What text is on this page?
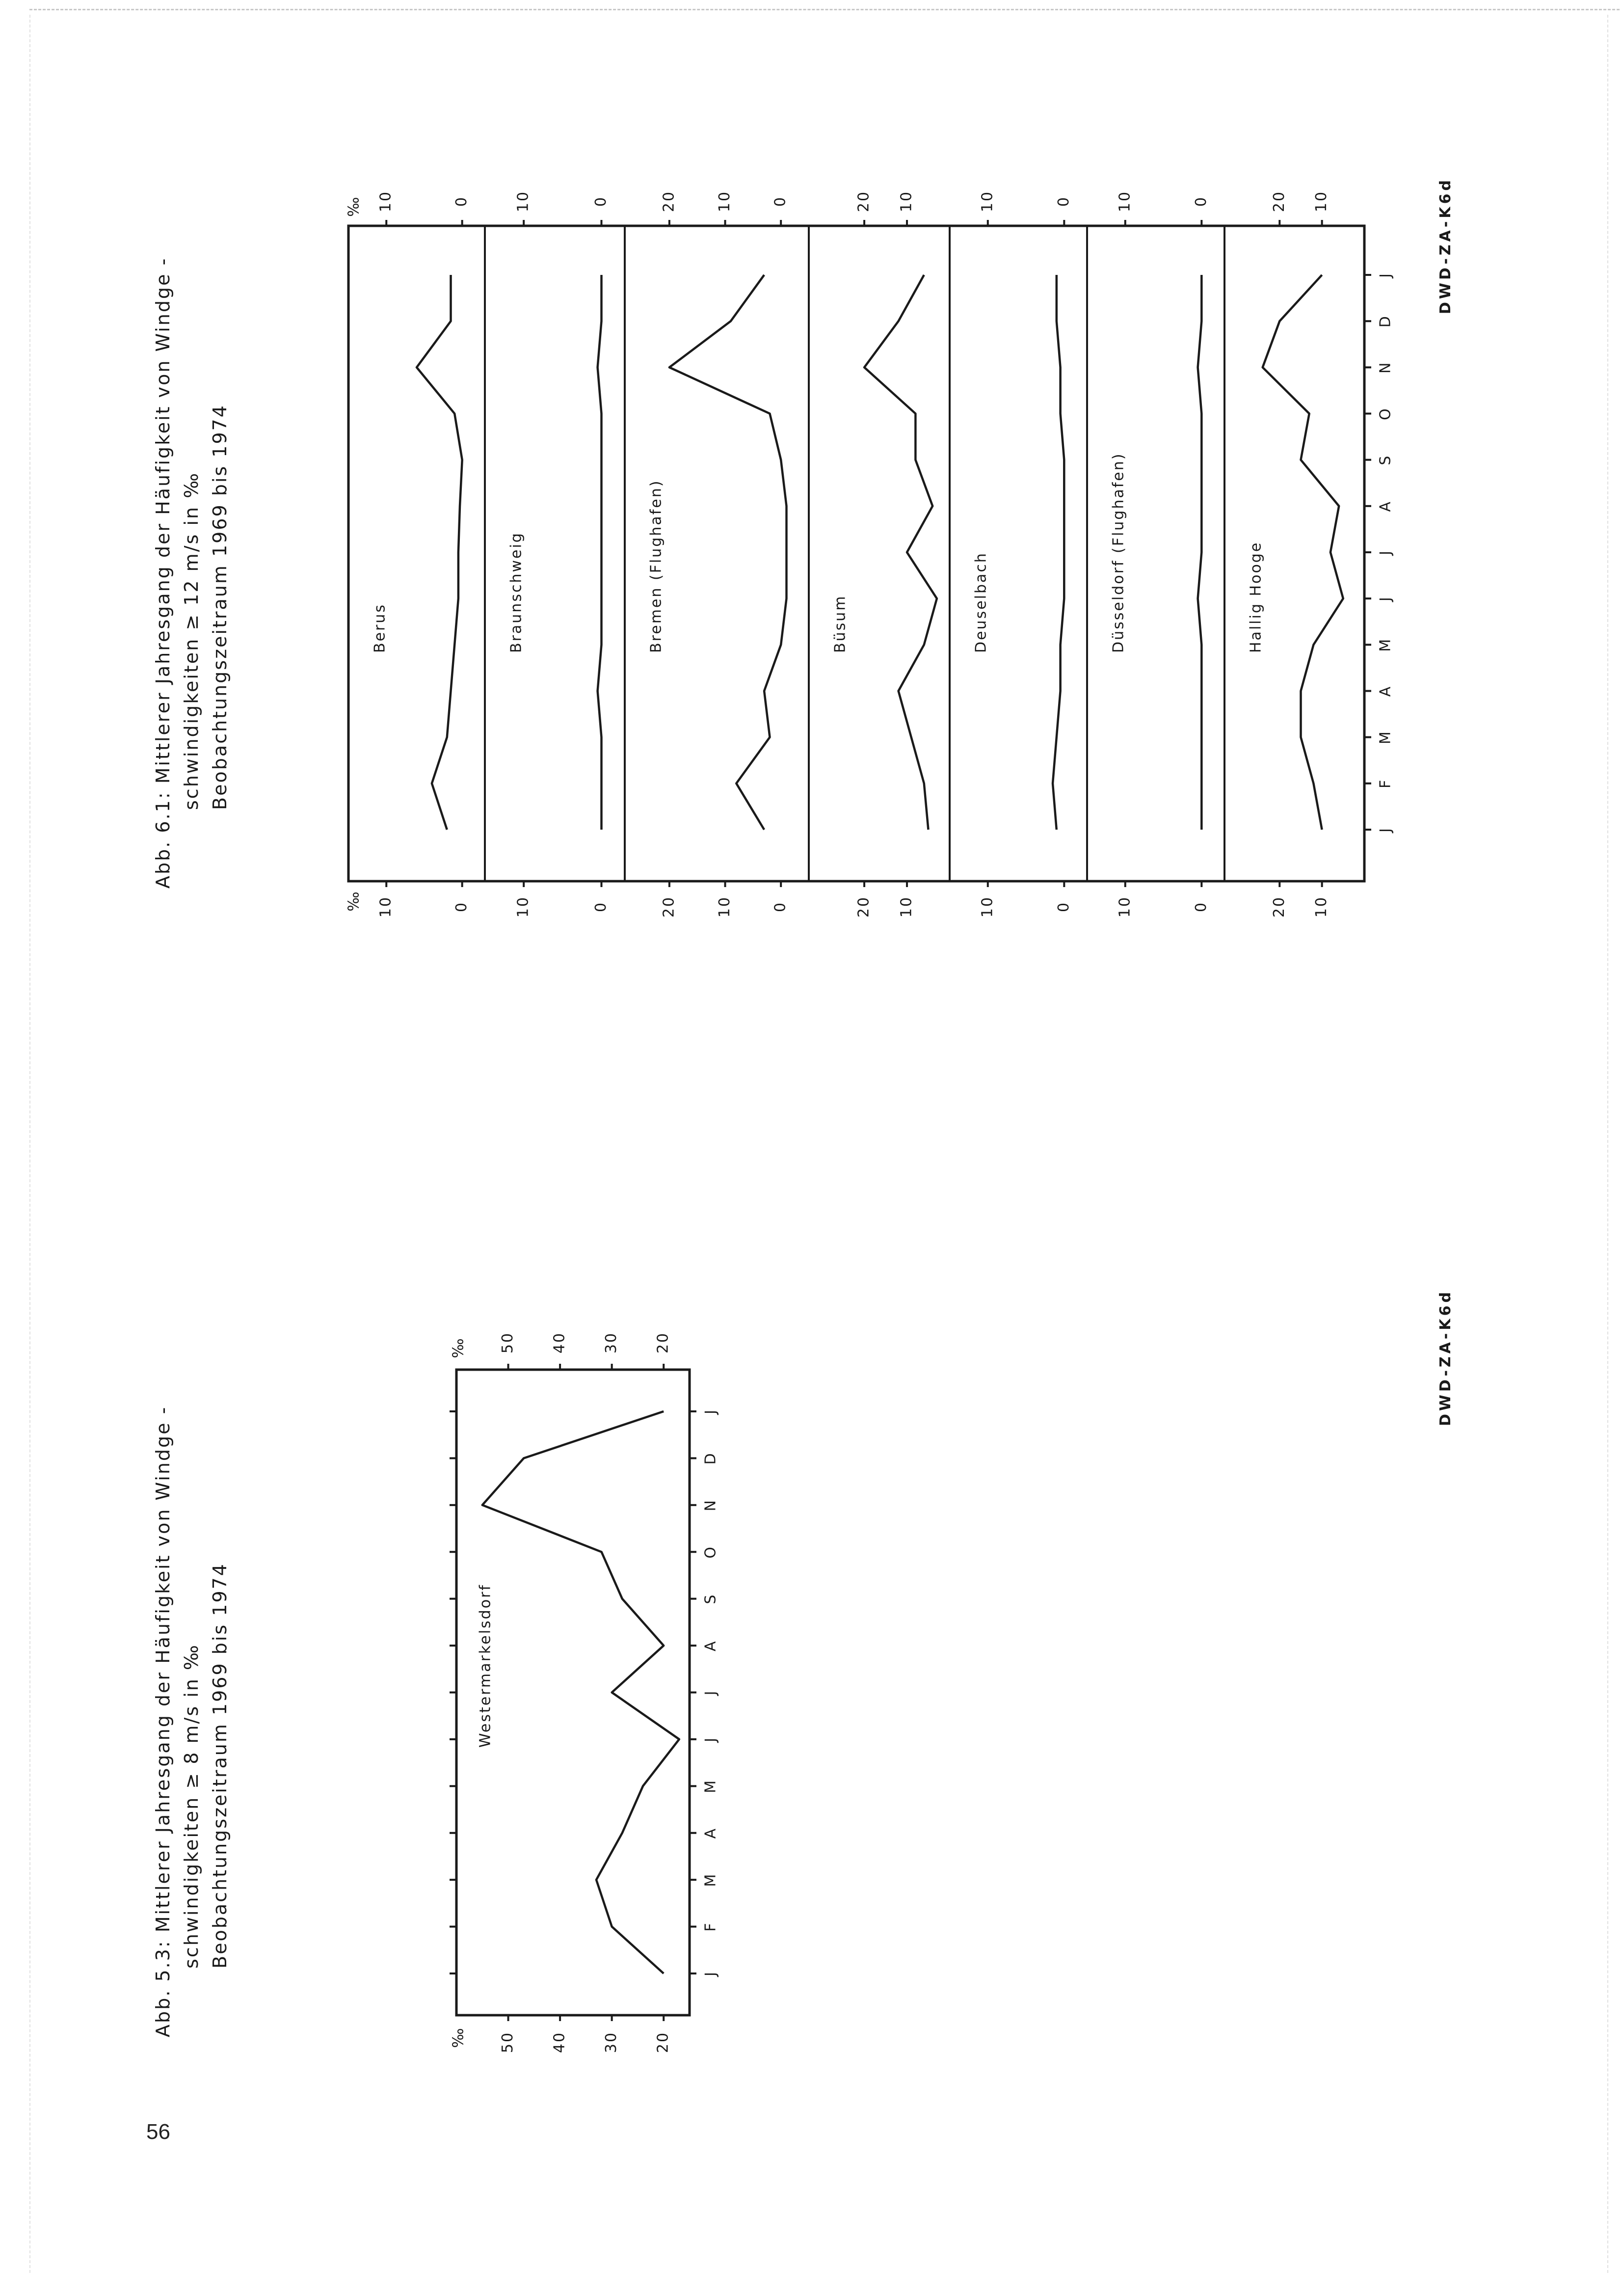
56
Abb. 5.3: Mittlerer Jahresgang der Häufigkeit von Windge - schwindigkeiten ≥ 8 m/s in ‰ Beobachtungszeitraum 1969 bis 1974
DWD-ZA-K6d
Abb. 6.1: Mittlerer Jahresgang der Häufigkeit von Windge - schwindigkeiten ≥ 12 m/s in ‰ Beobachtungszeitraum 1969 bis 1974
DWD-ZA-K6d
J
F
M
A
M
J
J
A
S
O
N
D
J
50
50
40
40
30
30
20
20
‰
‰
Westermarkelsdorf
J
F
M
A
M
J
J
A
S
O
N
D
J
‰
‰
10
10
0
0
Berus
10
10
0
0
Braunschweig
20
20
10
10
0
0
Bremen (Flughafen)
20
20
10
10
Büsum
10
10
0
0
Deuselbach
10
10
0
0
Düsseldorf (Flughafen)
20
20
10
10
Hallig Hooge
